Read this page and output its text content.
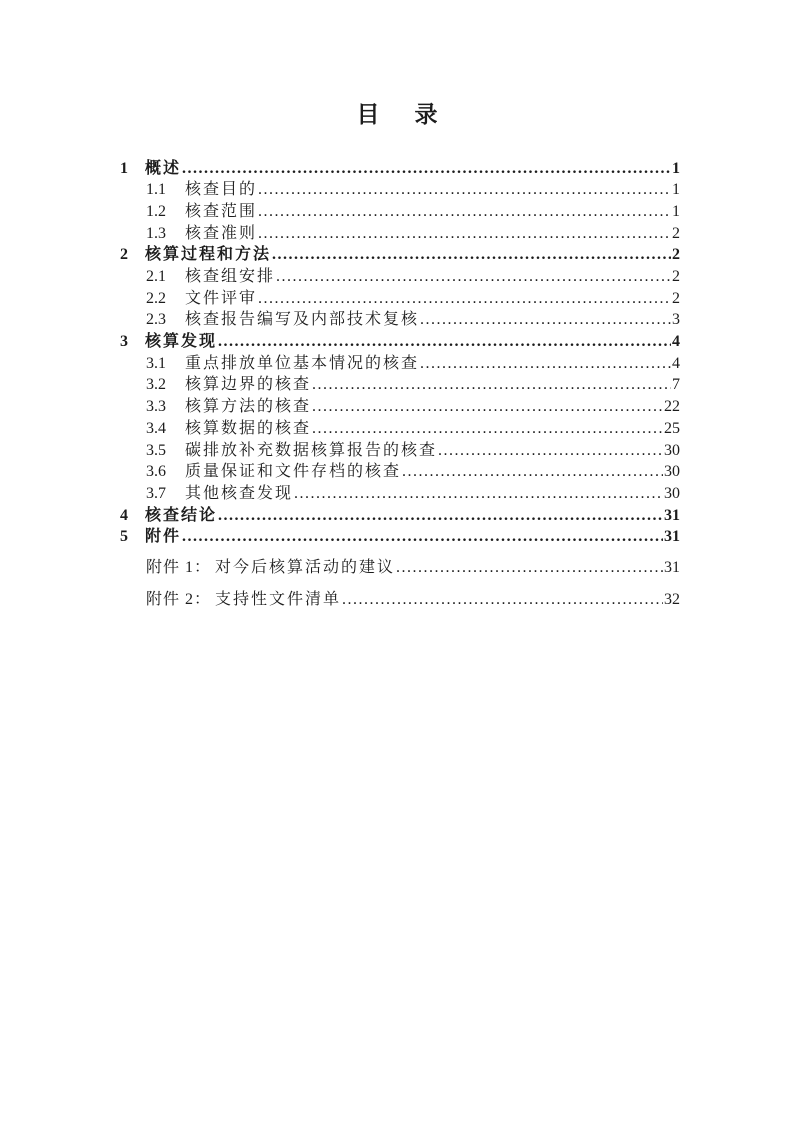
目　录
1	概述 .....	1
1.1	核查目的 .....	1
1.2	核查范围 .....	1
1.3	核查准则 .....	2
2	核算过程和方法 .....	2
2.1	核查组安排 .....	2
2.2	文件评审 .....	2
2.3	核查报告编写及内部技术复核 .....	3
3	核算发现 .....	4
3.1	重点排放单位基本情况的核查 .....	4
3.2	核算边界的核查 .....	7
3.3	核算方法的核查 .....	22
3.4	核算数据的核查 .....	25
3.5	碳排放补充数据核算报告的核查 .....	30
3.6	质量保证和文件存档的核查 .....	30
3.7	其他核查发现 .....	30
4	核查结论 .....	31
5	附件 .....	31
附件 1： 对今后核算活动的建议 .....	31
附件 2： 支持性文件清单 .....	32
